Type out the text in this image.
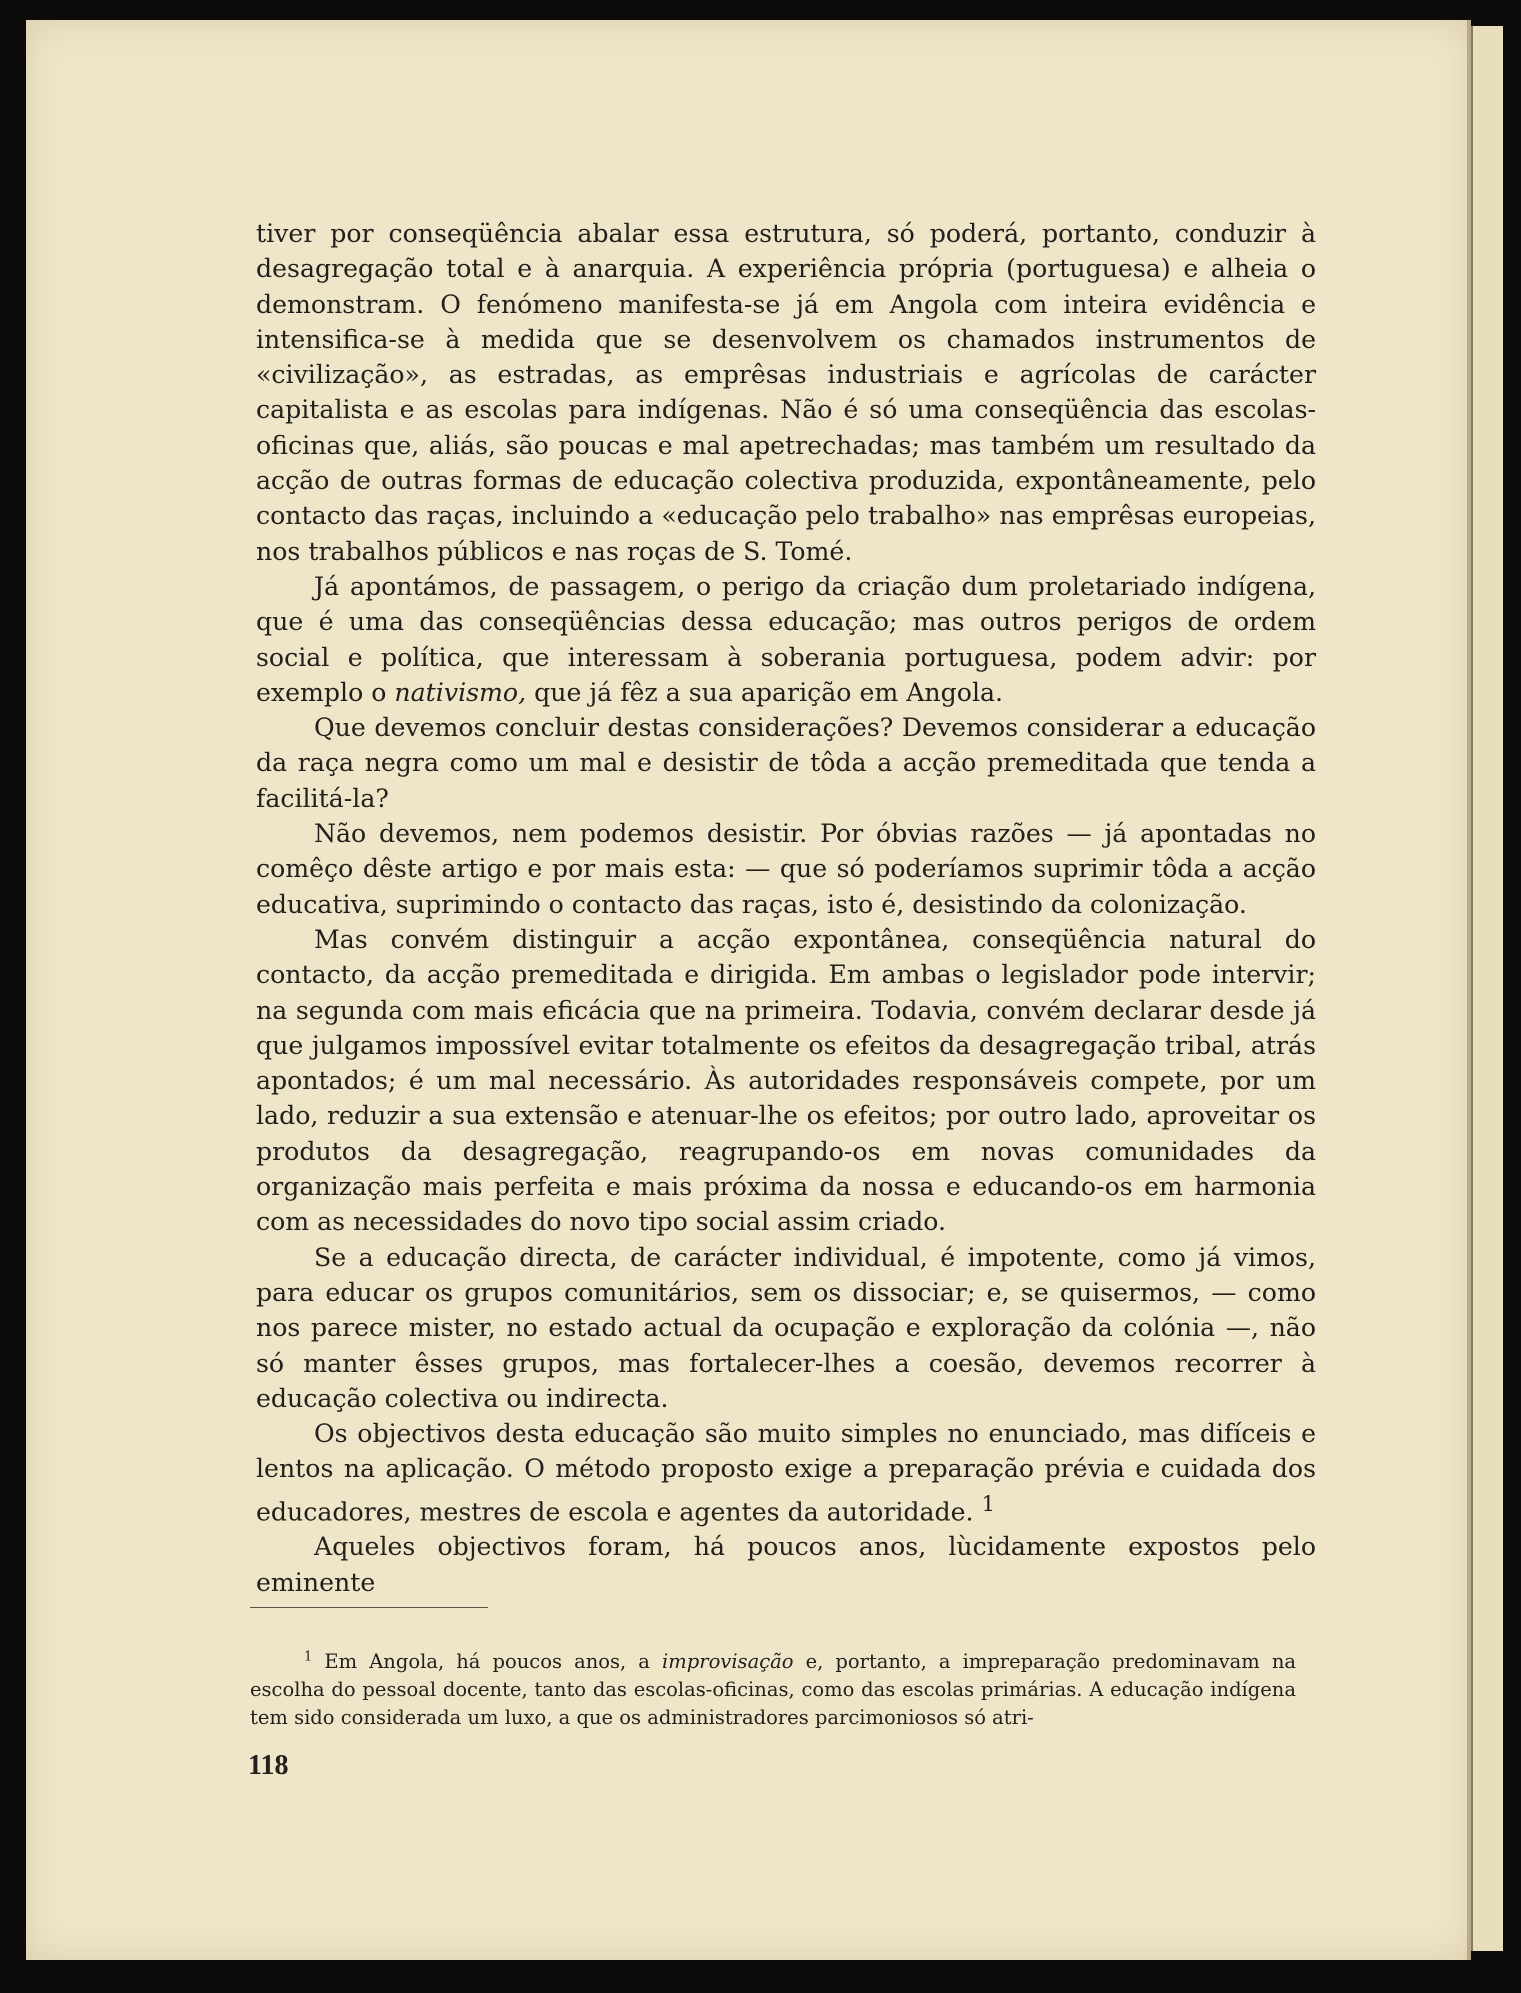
tiver por conseqüência abalar essa estrutura, só poderá, portanto, conduzir à desagregação total e à anarquia. A experiência própria (portuguesa) e alheia o demonstram. O fenómeno manifesta-se já em Angola com inteira evidência e intensifica-se à medida que se desenvolvem os chamados instrumentos de «civilização», as estradas, as emprêsas industriais e agrícolas de carácter capitalista e as escolas para indígenas. Não é só uma conseqüência das escolas-oficinas que, aliás, são poucas e mal apetrechadas; mas também um resultado da acção de outras formas de educação colectiva produzida, expontâneamente, pelo contacto das raças, incluindo a «educação pelo trabalho» nas emprêsas europeias, nos trabalhos públicos e nas roças de S. Tomé.

Já apontámos, de passagem, o perigo da criação dum proletariado indígena, que é uma das conseqüências dessa educação; mas outros perigos de ordem social e política, que interessam à soberania portuguesa, podem advir: por exemplo o nativismo, que já fêz a sua aparição em Angola.

Que devemos concluir destas considerações? Devemos considerar a educação da raça negra como um mal e desistir de tôda a acção premeditada que tenda a facilitá-la?

Não devemos, nem podemos desistir. Por óbvias razões — já apontadas no comêço dêste artigo e por mais esta: — que só poderíamos suprimir tôda a acção educativa, suprimindo o contacto das raças, isto é, desistindo da colonização.

Mas convém distinguir a acção expontânea, conseqüência natural do contacto, da acção premeditada e dirigida. Em ambas o legislador pode intervir; na segunda com mais eficácia que na primeira. Todavia, convém declarar desde já que julgamos impossível evitar totalmente os efeitos da desagregação tribal, atrás apontados; é um mal necessário. Às autoridades responsáveis compete, por um lado, reduzir a sua extensão e atenuar-lhe os efeitos; por outro lado, aproveitar os produtos da desagregação, reagrupando-os em novas comunidades da organização mais perfeita e mais próxima da nossa e educando-os em harmonia com as necessidades do novo tipo social assim criado.

Se a educação directa, de carácter individual, é impotente, como já vimos, para educar os grupos comunitários, sem os dissociar; e, se quisermos, — como nos parece mister, no estado actual da ocupação e exploração da colónia —, não só manter êsses grupos, mas fortalecer-lhes a coesão, devemos recorrer à educação colectiva ou indirecta.

Os objectivos desta educação são muito simples no enunciado, mas difíceis e lentos na aplicação. O método proposto exige a preparação prévia e cuidada dos educadores, mestres de escola e agentes da autoridade. $^1$

Aqueles objectivos foram, há poucos anos, lùcidamente expostos pelo eminente

$^1$ Em Angola, há poucos anos, a improvisação e, portanto, a impreparação predominavam na escolha do pessoal docente, tanto das escolas-oficinas, como das escolas primárias. A educação indígena tem sido considerada um luxo, a que os administradores parcimoniosos só atri-

118
